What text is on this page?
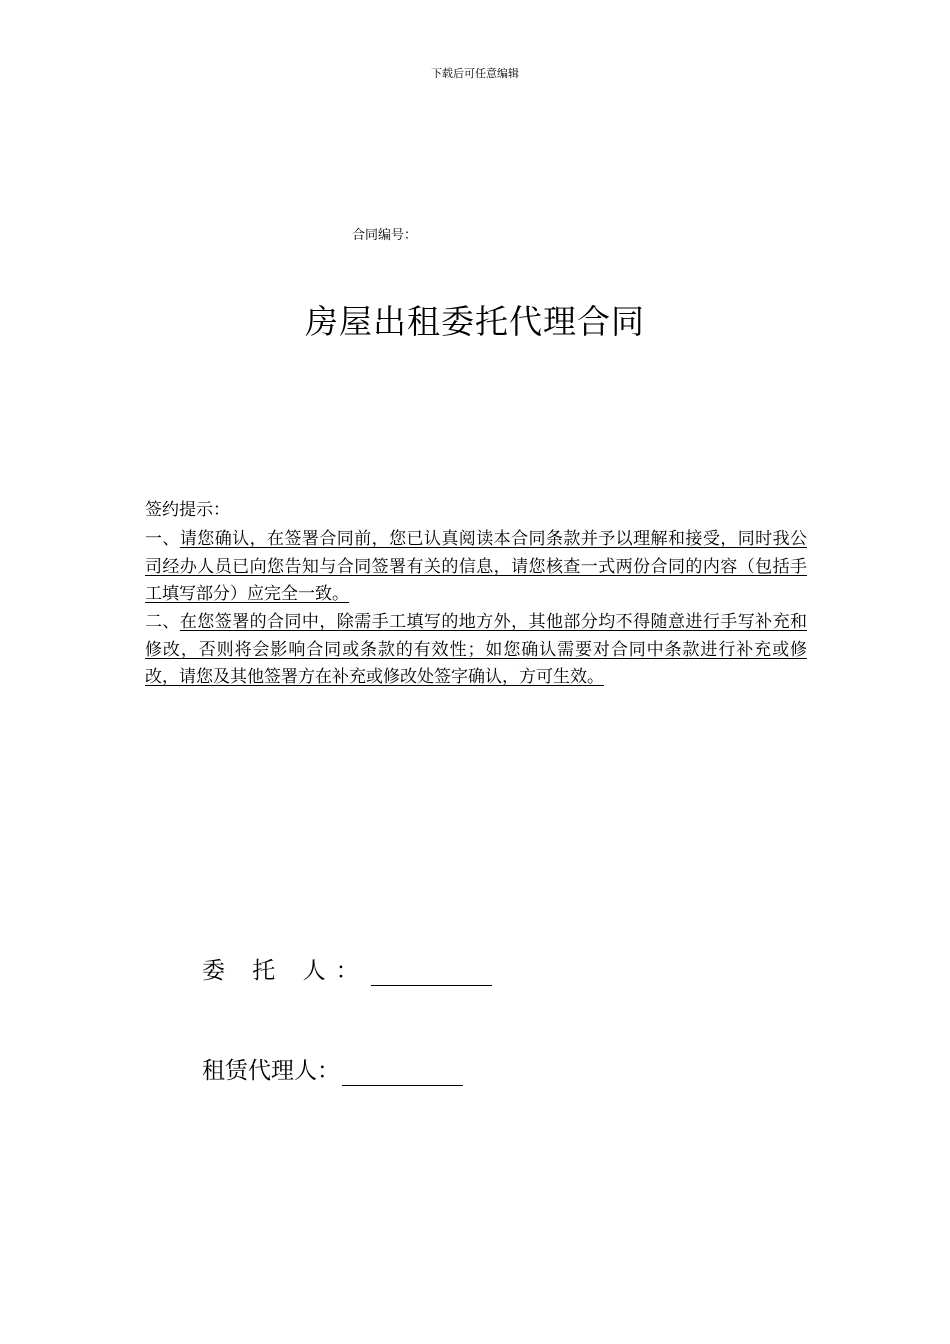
下载后可任意编辑
合同编号：
房屋出租委托代理合同
签约提示：
一、请您确认，在签署合同前，您已认真阅读本合同条款并予以理解和接受，同时我公司经办人员已向您告知与合同签署有关的信息，请您核查一式两份合同的内容（包括手工填写部分）应完全一致。
二、在您签署的合同中，除需手工填写的地方外，其他部分均不得随意进行手写补充和修改，否则将会影响合同或条款的有效性；如您确认需要对合同中条款进行补充或修改，请您及其他签署方在补充或修改处签字确认，方可生效。
委 托 人：
租赁代理人：
